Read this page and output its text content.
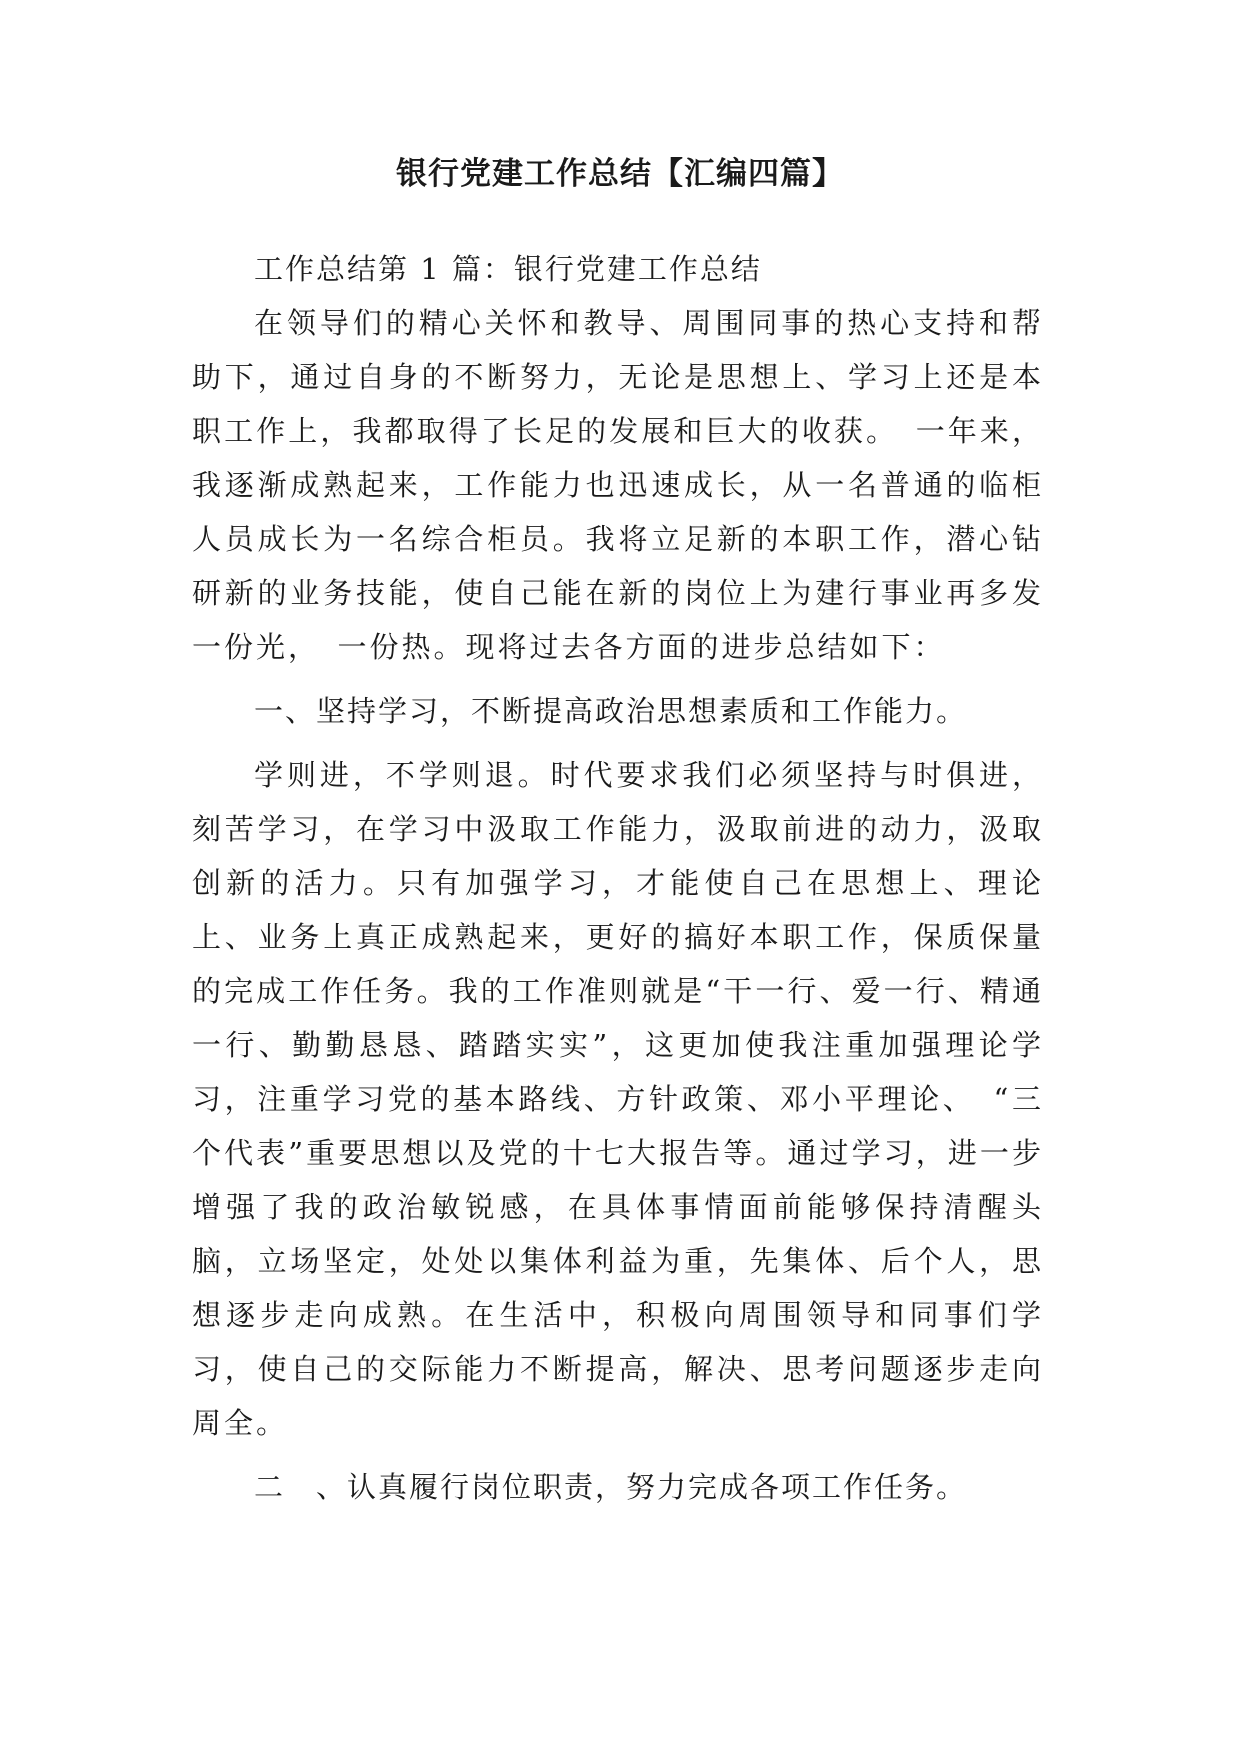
银行党建工作总结【汇编四篇】

工作总结第 1 篇：银行党建工作总结

在领导们的精心关怀和教导、周围同事的热心支持和帮助下，通过自身的不断努力，无论是思想上、学习上还是本职工作上，我都取得了长足的发展和巨大的收获。　一年来，我逐渐成熟起来，工作能力也迅速成长，从一名普通的临柜人员成长为一名综合柜员。我将立足新的本职工作，潜心钻研新的业务技能，使自己能在新的岗位上为建行事业再多发一份光，　一份热。现将过去各方面的进步总结如下：

一、坚持学习，不断提高政治思想素质和工作能力。

学则进，不学则退。时代要求我们必须坚持与时俱进，刻苦学习，在学习中汲取工作能力，汲取前进的动力，汲取创新的活力。只有加强学习，才能使自己在思想上、理论上、业务上真正成熟起来，更好的搞好本职工作，保质保量的完成工作任务。我的工作准则就是“干一行、爱一行、精通一行、勤勤恳恳、踏踏实实”，这更加使我注重加强理论学习，注重学习党的基本路线、方针政策、邓小平理论、　“三个代表”重要思想以及党的十七大报告等。通过学习，进一步增强了我的政治敏锐感，在具体事情面前能够保持清醒头脑，立场坚定，处处以集体利益为重，先集体、后个人，思想逐步走向成熟。在生活中，积极向周围领导和同事们学习，使自己的交际能力不断提高，解决、思考问题逐步走向周全。

二　、认真履行岗位职责，努力完成各项工作任务。
